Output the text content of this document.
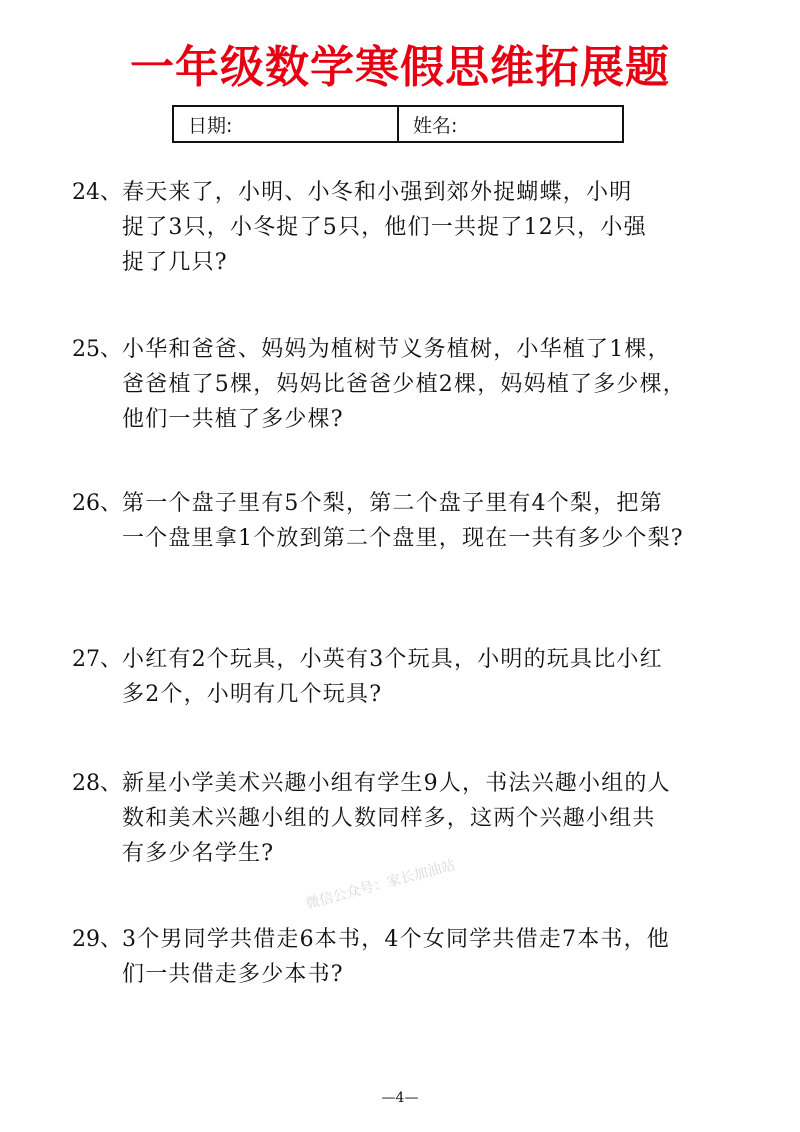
一年级数学寒假思维拓展题
日期:	姓名:
24、春天来了，小明、小冬和小强到郊外捉蝴蝶，小明
捉了3只，小冬捉了5只，他们一共捉了12只，小强
捉了几只?
25、小华和爸爸、妈妈为植树节义务植树，小华植了1棵，
爸爸植了5棵，妈妈比爸爸少植2棵，妈妈植了多少棵，
他们一共植了多少棵?
26、第一个盘子里有5个梨，第二个盘子里有4个梨，把第
一个盘里拿1个放到第二个盘里，现在一共有多少个梨?
27、小红有2个玩具，小英有3个玩具，小明的玩具比小红
多2个，小明有几个玩具?
28、新星小学美术兴趣小组有学生9人，书法兴趣小组的人
数和美术兴趣小组的人数同样多，这两个兴趣小组共
有多少名学生?
29、3个男同学共借走6本书，4个女同学共借走7本书，他
们一共借走多少本书?
微信公众号：家长加油站
—4—
